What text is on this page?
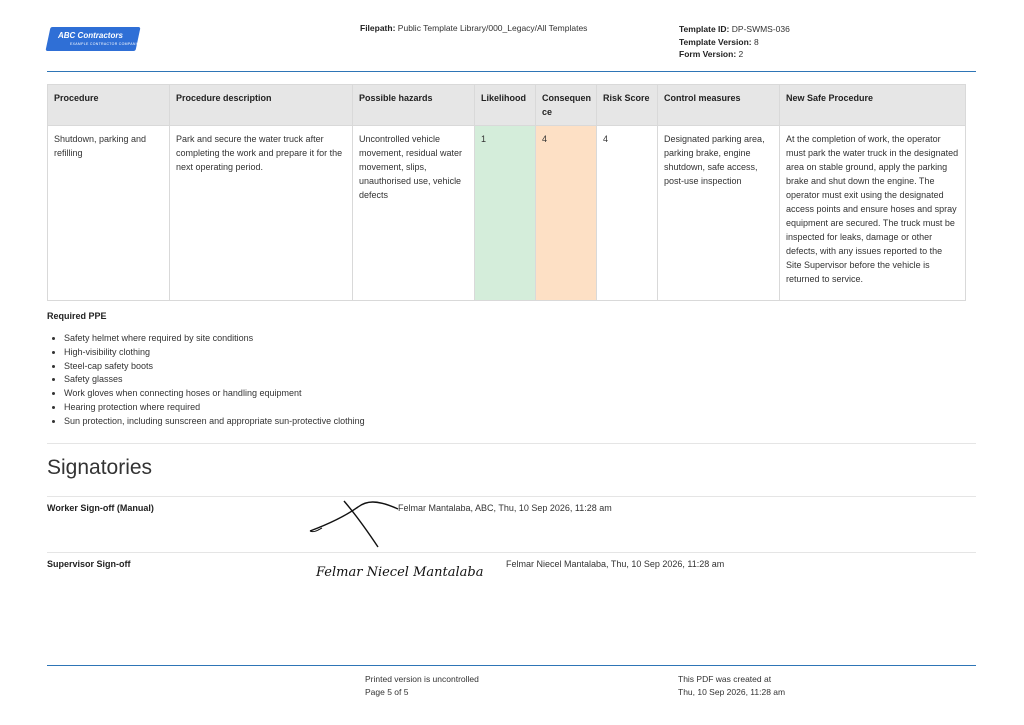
ABC Contractors
EXAMPLE CONTRACTOR COMPANY
Filepath: Public Template Library/000_Legacy/All Templates	Template ID: DP-SWMS-036
Template Version: 8
Form Version: 2
Procedure	Procedure description	Possible hazards	Likelihood	Consequen ce	Risk Score	Control measures	New Safe Procedure
Shutdown, parking and refilling	Park and secure the water truck after completing the work and prepare it for the next operating period.	Uncontrolled vehicle movement, residual water movement, slips, unauthorised use, vehicle defects	1	4	4	Designated parking area, parking brake, engine shutdown, safe access, post-use inspection	At the completion of work, the operator must park the water truck in the designated area on stable ground, apply the parking brake and shut down the engine. The operator must exit using the designated access points and ensure hoses and spray equipment are secured. The truck must be inspected for leaks, damage or other defects, with any issues reported to the Site Supervisor before the vehicle is returned to service.
Required PPE
• Safety helmet where required by site conditions
• High-visibility clothing
• Steel-cap safety boots
• Safety glasses
• Work gloves when connecting hoses or handling equipment
• Hearing protection where required
• Sun protection, including sunscreen and appropriate sun-protective clothing
Signatories
Worker Sign-off (Manual)	Felmar Mantalaba, ABC, Thu, 10 Sep 2026, 11:28 am
Supervisor Sign-off
Felmar Niecel Mantalaba
Felmar Niecel Mantalaba, Thu, 10 Sep 2026, 11:28 am
Printed version is uncontrolled
Page 5 of 5
This PDF was created at
Thu, 10 Sep 2026, 11:28 am
